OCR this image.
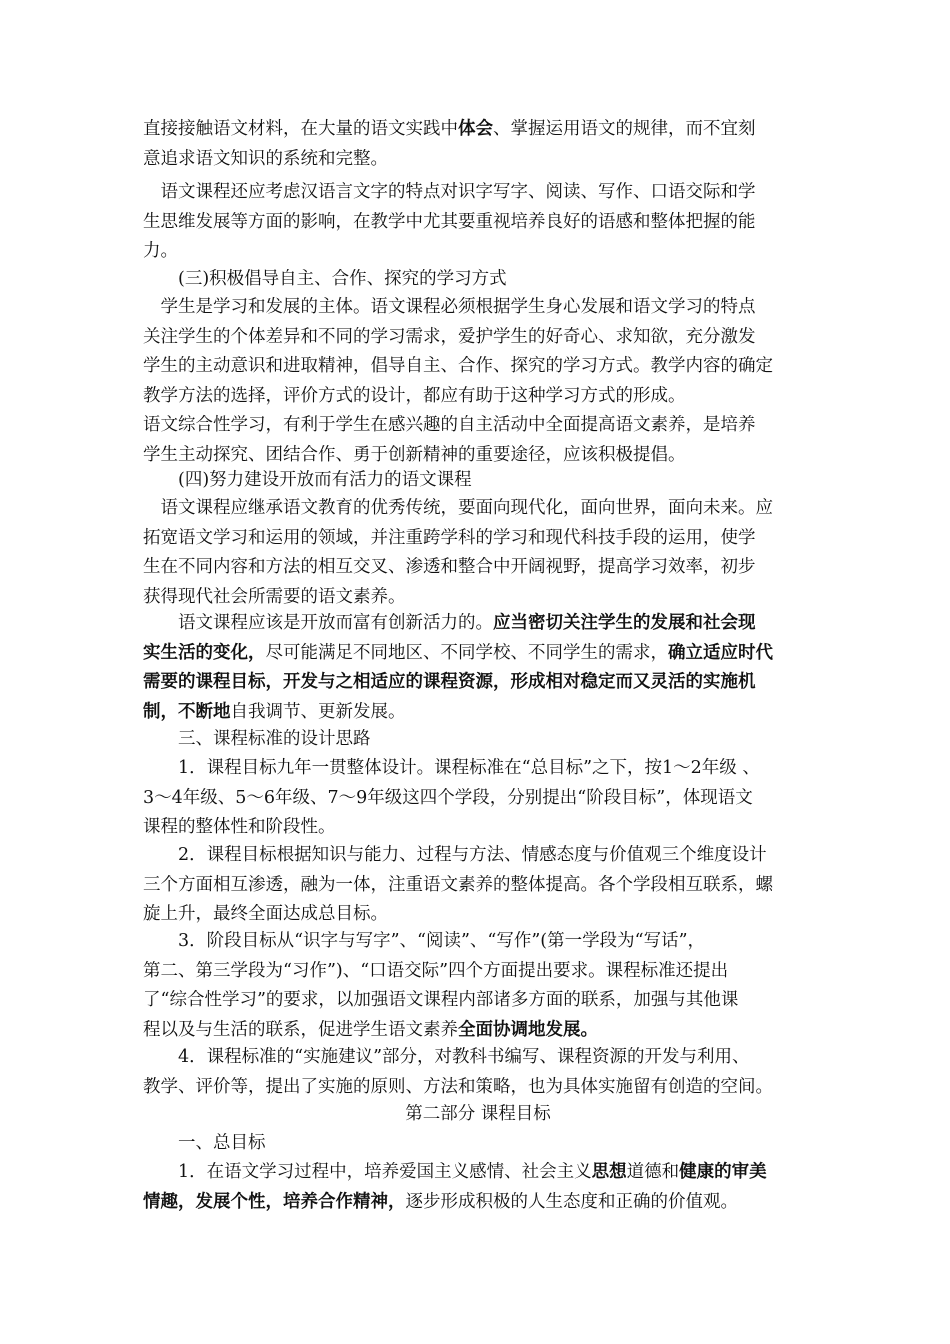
直接接触语文材料，在大量的语文实践中体会、掌握运用语文的规律，而不宜刻
意追求语文知识的系统和完整。
　语文课程还应考虑汉语言文字的特点对识字写字、阅读、写作、口语交际和学
生思维发展等方面的影响，在教学中尤其要重视培养良好的语感和整体把握的能
力。
　　(三)积极倡导自主、合作、探究的学习方式
　学生是学习和发展的主体。语文课程必须根据学生身心发展和语文学习的特点
关注学生的个体差异和不同的学习需求，爱护学生的好奇心、求知欲，充分激发
学生的主动意识和进取精神，倡导自主、合作、探究的学习方式。教学内容的确定
教学方法的选择，评价方式的设计，都应有助于这种学习方式的形成。
语文综合性学习，有利于学生在感兴趣的自主活动中全面提高语文素养，是培养
学生主动探究、团结合作、勇于创新精神的重要途径，应该积极提倡。
　　(四)努力建设开放而有活力的语文课程
　语文课程应继承语文教育的优秀传统，要面向现代化，面向世界，面向未来。应
拓宽语文学习和运用的领域，并注重跨学科的学习和现代科技手段的运用，使学
生在不同内容和方法的相互交叉、渗透和整合中开阔视野，提高学习效率，初步
获得现代社会所需要的语文素养。
　　语文课程应该是开放而富有创新活力的。应当密切关注学生的发展和社会现
实生活的变化，尽可能满足不同地区、不同学校、不同学生的需求，确立适应时代
需要的课程目标，开发与之相适应的课程资源，形成相对稳定而又灵活的实施机
制，不断地自我调节、更新发展。
　　三、课程标准的设计思路
　　1．课程目标九年一贯整体设计。课程标准在“总目标”之下，按1～2年级 、
3～4年级、5～6年级、7～9年级这四个学段，分别提出“阶段目标”，体现语文
课程的整体性和阶段性。
　　2．课程目标根据知识与能力、过程与方法、情感态度与价值观三个维度设计
三个方面相互渗透，融为一体，注重语文素养的整体提高。各个学段相互联系，螺
旋上升，最终全面达成总目标。
　　3．阶段目标从“识字与写字”、“阅读”、“写作”(第一学段为“写话”，
第二、第三学段为“习作”)、“口语交际”四个方面提出要求。课程标准还提出
了“综合性学习”的要求，以加强语文课程内部诸多方面的联系，加强与其他课
程以及与生活的联系，促进学生语文素养全面协调地发展。
　　4．课程标准的“实施建议”部分，对教科书编写、课程资源的开发与利用、
教学、评价等，提出了实施的原则、方法和策略，也为具体实施留有创造的空间。
第二部分 课程目标
　　一、总目标
　　1．在语文学习过程中，培养爱国主义感情、社会主义思想道德和健康的审美
情趣，发展个性，培养合作精神，逐步形成积极的人生态度和正确的价值观。
